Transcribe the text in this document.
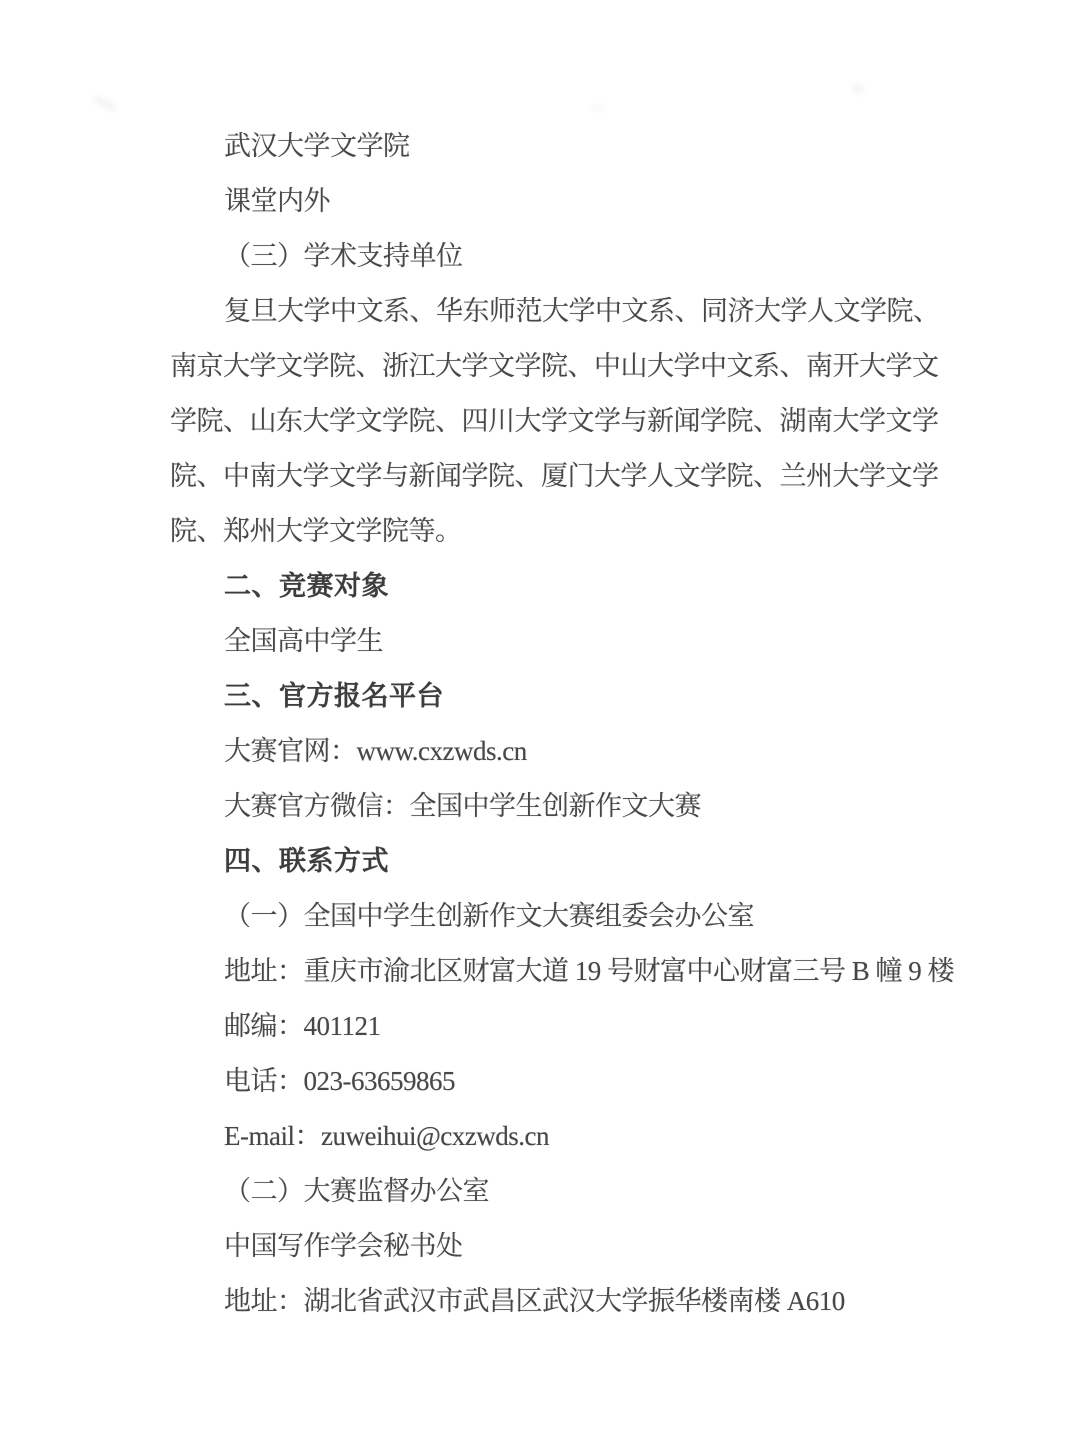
武汉大学文学院
课堂内外
（三）学术支持单位
复旦大学中文系、华东师范大学中文系、同济大学人文学院、
南京大学文学院、浙江大学文学院、中山大学中文系、南开大学文
学院、山东大学文学院、四川大学文学与新闻学院、湖南大学文学
院、中南大学文学与新闻学院、厦门大学人文学院、兰州大学文学
院、郑州大学文学院等。
二、竞赛对象
全国高中学生
三、官方报名平台
大赛官网：www.cxzwds.cn
大赛官方微信：全国中学生创新作文大赛
四、联系方式
（一）全国中学生创新作文大赛组委会办公室
地址：重庆市渝北区财富大道 19 号财富中心财富三号 B 幢 9 楼
邮编：401121
电话：023-63659865
E-mail：zuweihui@cxzwds.cn
（二）大赛监督办公室
中国写作学会秘书处
地址：湖北省武汉市武昌区武汉大学振华楼南楼 A610
